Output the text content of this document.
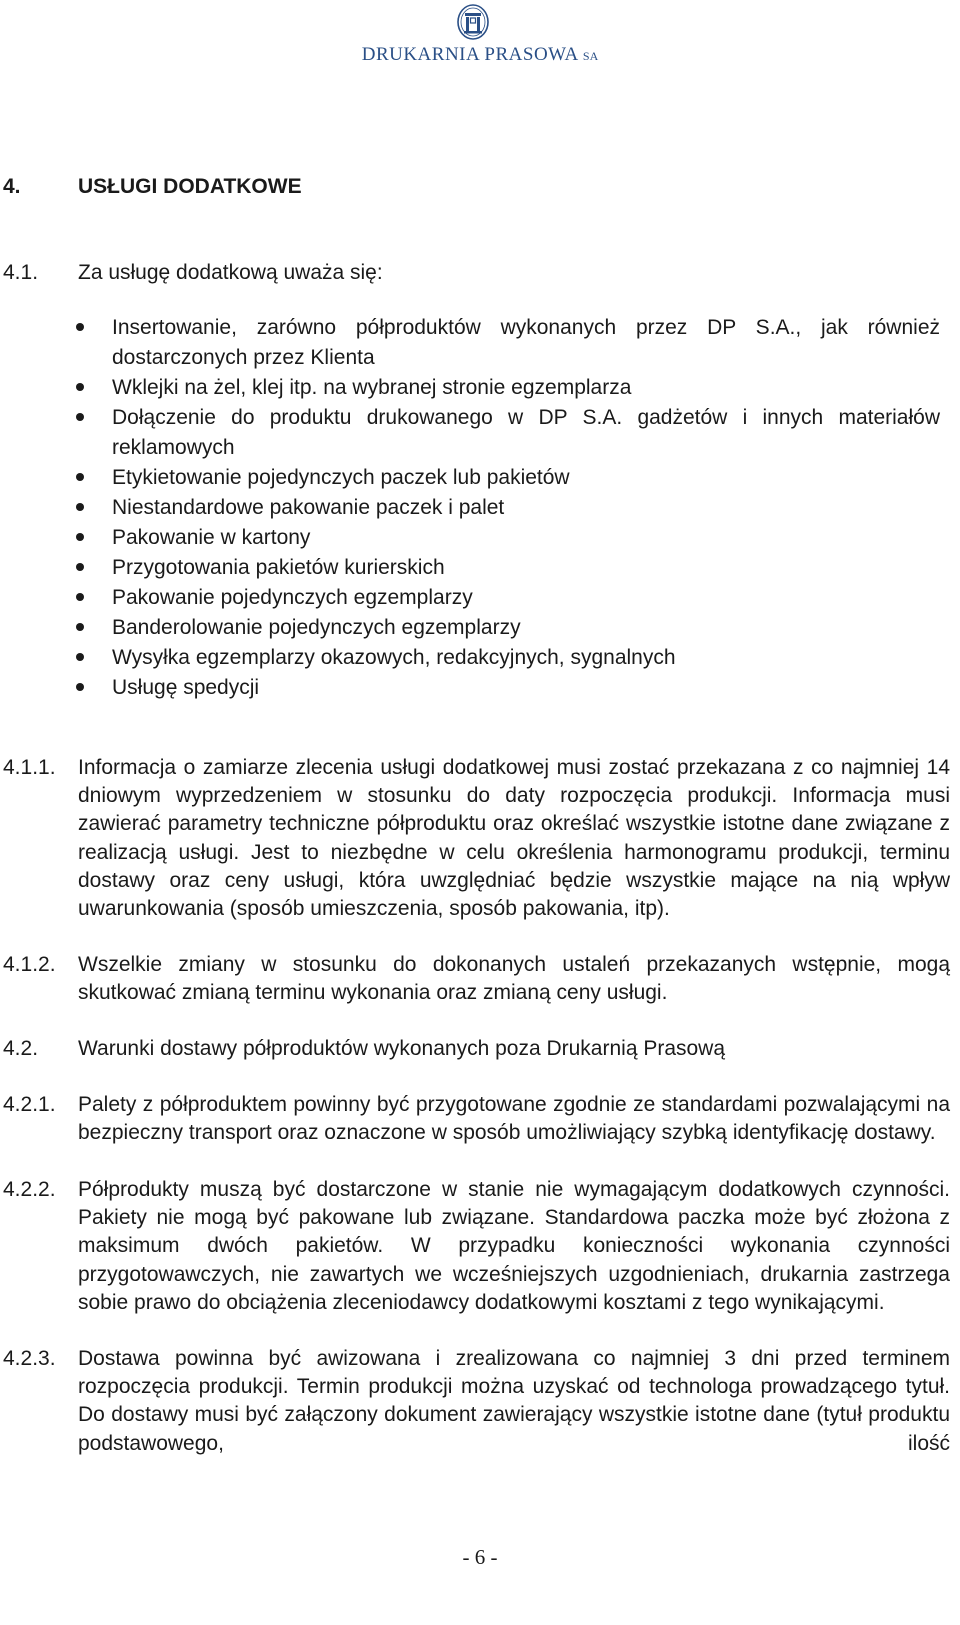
DRUKARNIA PRASOWA SA
4.	USŁUGI DODATKOWE
4.1. Za usługę dodatkową uważa się:
Insertowanie, zarówno półproduktów wykonanych przez DP S.A., jak również dostarczonych przez Klienta
Wklejki na żel, klej itp. na wybranej stronie egzemplarza
Dołączenie do produktu drukowanego w DP S.A. gadżetów i innych materiałów reklamowych
Etykietowanie pojedynczych paczek lub pakietów
Niestandardowe pakowanie paczek i palet
Pakowanie w kartony
Przygotowania pakietów kurierskich
Pakowanie pojedynczych egzemplarzy
Banderolowanie pojedynczych egzemplarzy
Wysyłka egzemplarzy okazowych, redakcyjnych, sygnalnych
Usługę spedycji
4.1.1. Informacja o zamiarze zlecenia usługi dodatkowej musi zostać przekazana z co najmniej 14 dniowym wyprzedzeniem w stosunku do daty rozpoczęcia produkcji. Informacja musi zawierać parametry techniczne półproduktu oraz określać wszystkie istotne dane związane z realizacją usługi. Jest to niezbędne w celu określenia harmonogramu produkcji, terminu dostawy oraz ceny usługi, która uwzględniać będzie wszystkie mające na nią wpływ uwarunkowania (sposób umieszczenia, sposób pakowania, itp).
4.1.2. Wszelkie zmiany w stosunku do dokonanych ustaleń przekazanych wstępnie, mogą skutkować zmianą terminu wykonania oraz zmianą ceny usługi.
4.2. Warunki dostawy półproduktów wykonanych poza Drukarnią Prasową
4.2.1. Palety z półproduktem powinny być przygotowane zgodnie ze standardami pozwalającymi na bezpieczny transport oraz oznaczone w sposób umożliwiający szybką identyfikację dostawy.
4.2.2. Półprodukty muszą być dostarczone w stanie nie wymagającym dodatkowych czynności. Pakiety nie mogą być pakowane lub związane. Standardowa paczka może być złożona z maksimum dwóch pakietów. W przypadku konieczności wykonania czynności przygotowawczych, nie zawartych we wcześniejszych uzgodnieniach, drukarnia zastrzega sobie prawo do obciążenia zleceniodawcy dodatkowymi kosztami z tego wynikającymi.
4.2.3. Dostawa powinna być awizowana i zrealizowana co najmniej 3 dni przed terminem rozpoczęcia produkcji. Termin produkcji można uzyskać od technologa prowadzącego tytuł. Do dostawy musi być załączony dokument zawierający wszystkie istotne dane (tytuł produktu podstawowego, ilość
- 6 -
